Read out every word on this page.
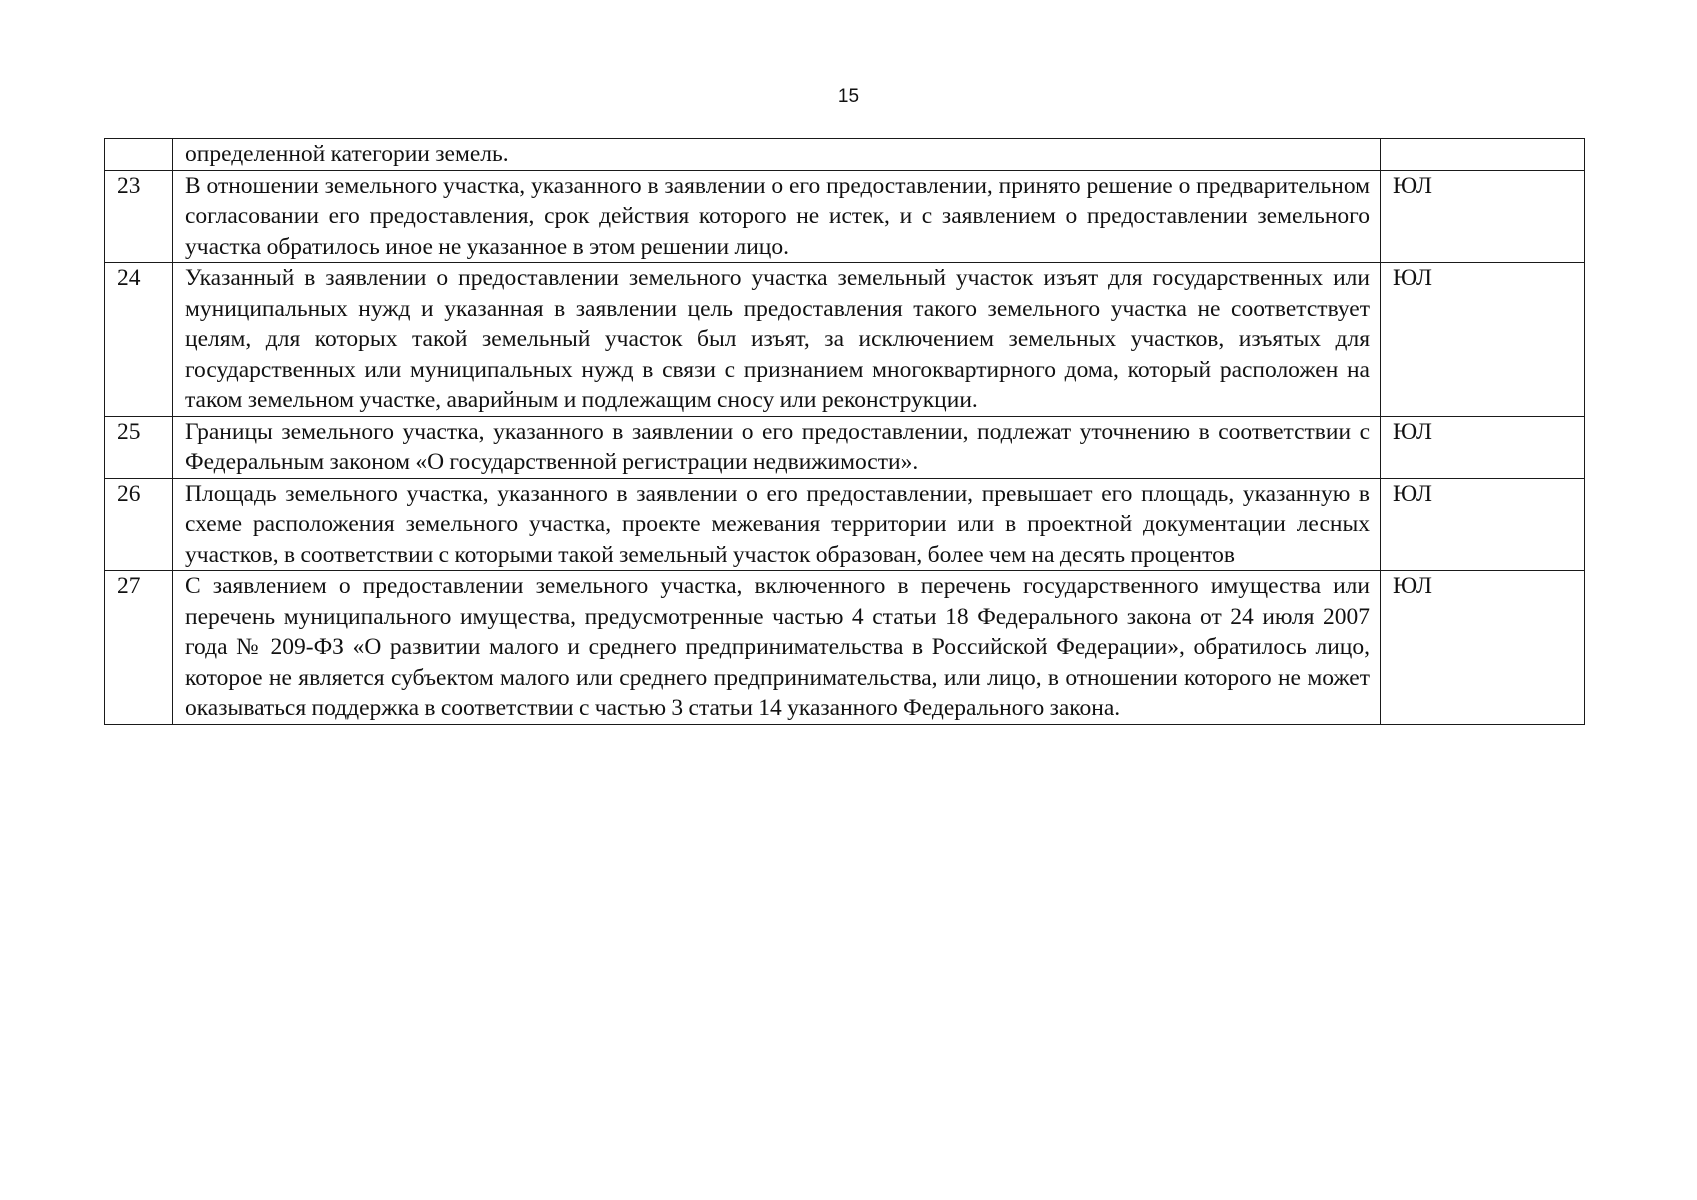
15
	определенной категории земель.	
23	В отношении земельного участка, указанного в заявлении о его предоставлении, принято решение о предварительном согласовании его предоставления, срок действия которого не истек, и с заявлением о предоставлении земельного участка обратилось иное не указанное в этом решении лицо.	ЮЛ
24	Указанный в заявлении о предоставлении земельного участка земельный участок изъят для государственных или муниципальных нужд и указанная в заявлении цель предоставления такого земельного участка не соответствует целям, для которых такой земельный участок был изъят, за исключением земельных участков, изъятых для государственных или муниципальных нужд в связи с признанием многоквартирного дома, который расположен на таком земельном участке, аварийным и подлежащим сносу или реконструкции.	ЮЛ
25	Границы земельного участка, указанного в заявлении о его предоставлении, подлежат уточнению в соответствии с Федеральным законом «О государственной регистрации недвижимости».	ЮЛ
26	Площадь земельного участка, указанного в заявлении о его предоставлении, превышает его площадь, указанную в схеме расположения земельного участка, проекте межевания территории или в проектной документации лесных участков, в соответствии с которыми такой земельный участок образован, более чем на десять процентов	ЮЛ
27	С заявлением о предоставлении земельного участка, включенного в перечень государственного имущества или перечень муниципального имущества, предусмотренные частью 4 статьи 18 Федерального закона от 24 июля 2007 года № 209-ФЗ «О развитии малого и среднего предпринимательства в Российской Федерации», обратилось лицо, которое не является субъектом малого или среднего предпринимательства, или лицо, в отношении которого не может оказываться поддержка в соответствии с частью 3 статьи 14 указанного Федерального закона.	ЮЛ
